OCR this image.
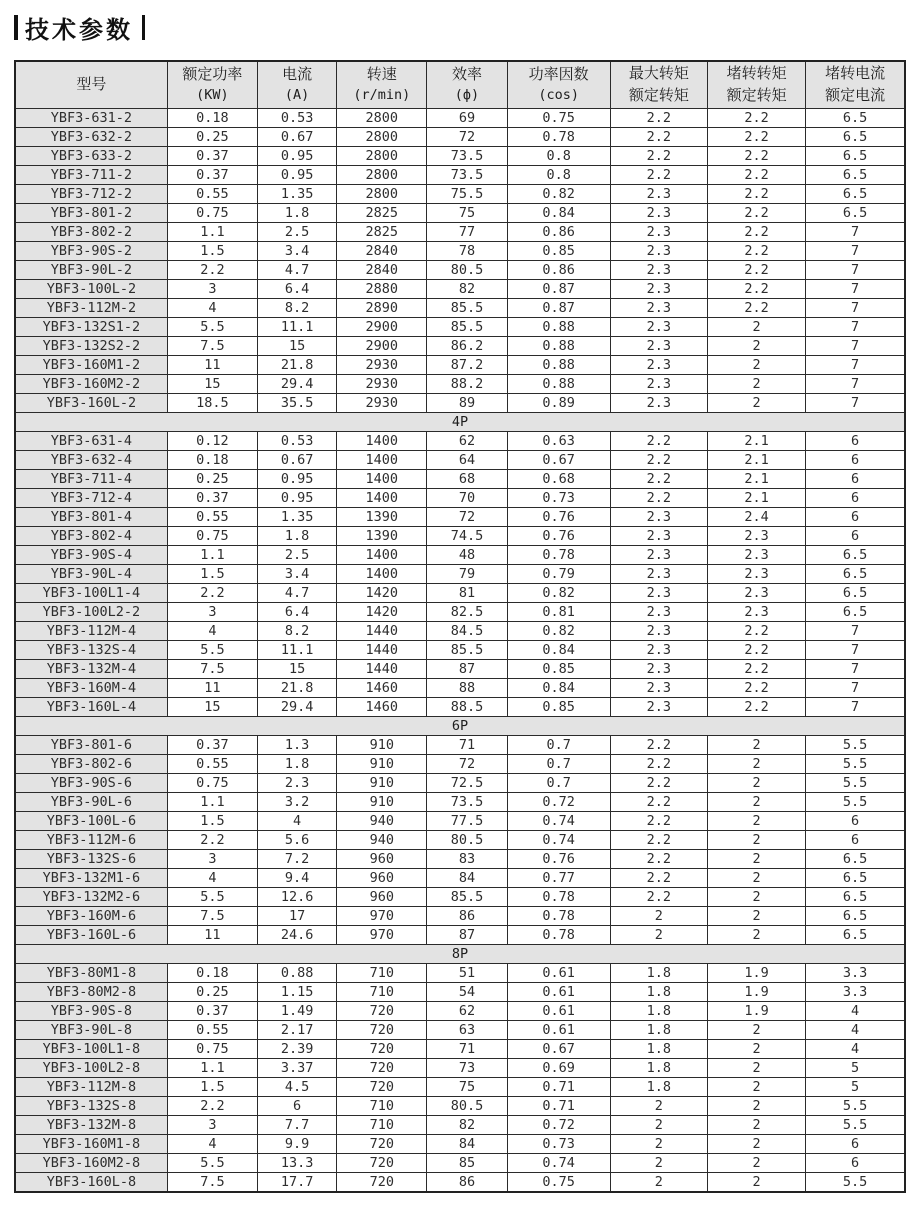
技术参数
型号

额定功率
(KW)

电流
(A)

转速
(r/min)

效率
(ф)

功率因数
(cos)

最大转矩
额定转矩

堵转转矩
额定转矩

堵转电流
额定电流

YBF3-631-2	0.18	0.53	2800	69	0.75	2.2	2.2	6.5
YBF3-632-2	0.25	0.67	2800	72	0.78	2.2	2.2	6.5
YBF3-633-2	0.37	0.95	2800	73.5	0.8	2.2	2.2	6.5
YBF3-711-2	0.37	0.95	2800	73.5	0.8	2.2	2.2	6.5
YBF3-712-2	0.55	1.35	2800	75.5	0.82	2.3	2.2	6.5
YBF3-801-2	0.75	1.8	2825	75	0.84	2.3	2.2	6.5
YBF3-802-2	1.1	2.5	2825	77	0.86	2.3	2.2	7
YBF3-90S-2	1.5	3.4	2840	78	0.85	2.3	2.2	7
YBF3-90L-2	2.2	4.7	2840	80.5	0.86	2.3	2.2	7
YBF3-100L-2	3	6.4	2880	82	0.87	2.3	2.2	7
YBF3-112M-2	4	8.2	2890	85.5	0.87	2.3	2.2	7
YBF3-132S1-2	5.5	11.1	2900	85.5	0.88	2.3	2	7
YBF3-132S2-2	7.5	15	2900	86.2	0.88	2.3	2	7
YBF3-160M1-2	11	21.8	2930	87.2	0.88	2.3	2	7
YBF3-160M2-2	15	29.4	2930	88.2	0.88	2.3	2	7
YBF3-160L-2	18.5	35.5	2930	89	0.89	2.3	2	7
4P								
YBF3-631-4	0.12	0.53	1400	62	0.63	2.2	2.1	6
YBF3-632-4	0.18	0.67	1400	64	0.67	2.2	2.1	6
YBF3-711-4	0.25	0.95	1400	68	0.68	2.2	2.1	6
YBF3-712-4	0.37	0.95	1400	70	0.73	2.2	2.1	6
YBF3-801-4	0.55	1.35	1390	72	0.76	2.3	2.4	6
YBF3-802-4	0.75	1.8	1390	74.5	0.76	2.3	2.3	6
YBF3-90S-4	1.1	2.5	1400	48	0.78	2.3	2.3	6.5
YBF3-90L-4	1.5	3.4	1400	79	0.79	2.3	2.3	6.5
YBF3-100L1-4	2.2	4.7	1420	81	0.82	2.3	2.3	6.5
YBF3-100L2-2	3	6.4	1420	82.5	0.81	2.3	2.3	6.5
YBF3-112M-4	4	8.2	1440	84.5	0.82	2.3	2.2	7
YBF3-132S-4	5.5	11.1	1440	85.5	0.84	2.3	2.2	7
YBF3-132M-4	7.5	15	1440	87	0.85	2.3	2.2	7
YBF3-160M-4	11	21.8	1460	88	0.84	2.3	2.2	7
YBF3-160L-4	15	29.4	1460	88.5	0.85	2.3	2.2	7
6P								
YBF3-801-6	0.37	1.3	910	71	0.7	2.2	2	5.5
YBF3-802-6	0.55	1.8	910	72	0.7	2.2	2	5.5
YBF3-90S-6	0.75	2.3	910	72.5	0.7	2.2	2	5.5
YBF3-90L-6	1.1	3.2	910	73.5	0.72	2.2	2	5.5
YBF3-100L-6	1.5	4	940	77.5	0.74	2.2	2	6
YBF3-112M-6	2.2	5.6	940	80.5	0.74	2.2	2	6
YBF3-132S-6	3	7.2	960	83	0.76	2.2	2	6.5
YBF3-132M1-6	4	9.4	960	84	0.77	2.2	2	6.5
YBF3-132M2-6	5.5	12.6	960	85.5	0.78	2.2	2	6.5
YBF3-160M-6	7.5	17	970	86	0.78	2	2	6.5
YBF3-160L-6	11	24.6	970	87	0.78	2	2	6.5
8P								
YBF3-80M1-8	0.18	0.88	710	51	0.61	1.8	1.9	3.3
YBF3-80M2-8	0.25	1.15	710	54	0.61	1.8	1.9	3.3
YBF3-90S-8	0.37	1.49	720	62	0.61	1.8	1.9	4
YBF3-90L-8	0.55	2.17	720	63	0.61	1.8	2	4
YBF3-100L1-8	0.75	2.39	720	71	0.67	1.8	2	4
YBF3-100L2-8	1.1	3.37	720	73	0.69	1.8	2	5
YBF3-112M-8	1.5	4.5	720	75	0.71	1.8	2	5
YBF3-132S-8	2.2	6	710	80.5	0.71	2	2	5.5
YBF3-132M-8	3	7.7	710	82	0.72	2	2	5.5
YBF3-160M1-8	4	9.9	720	84	0.73	2	2	6
YBF3-160M2-8	5.5	13.3	720	85	0.74	2	2	6
YBF3-160L-8	7.5	17.7	720	86	0.75	2	2	5.5
